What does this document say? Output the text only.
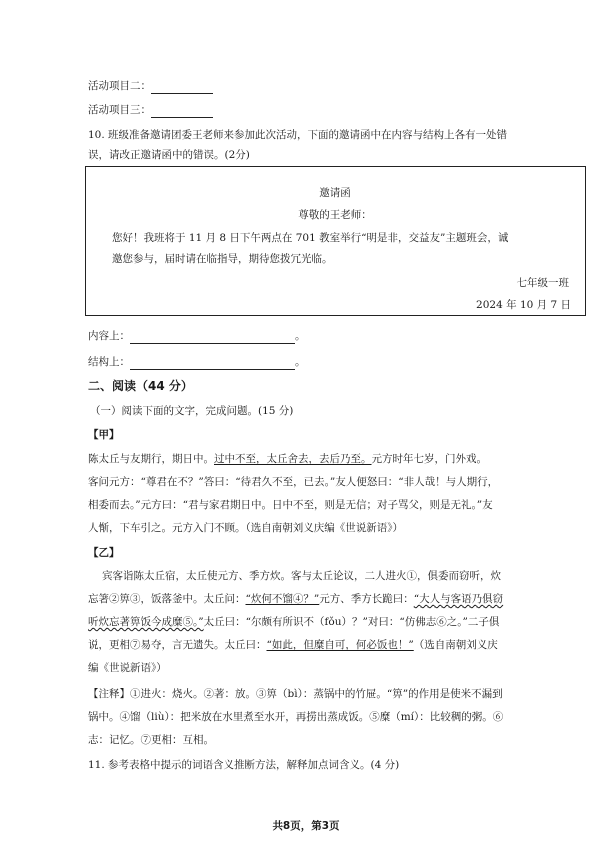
活动项目二：
活动项目三：
10. 班级准备邀请团委王老师来参加此次活动，下面的邀请函中在内容与结构上各有一处错
误，请改正邀请函中的错误。(2分)
邀请函
尊敬的王老师：
您好！我班将于 11 月 8 日下午两点在 701 教室举行“明是非，交益友”主题班会，诚
邀您参与，届时请在临指导，期待您拨冗光临。
七年级一班
2024 年 10 月 7 日
内容上：	。
结构上：	。
二、阅读（44 分）
（一）阅读下面的文字，完成问题。(15 分)
【甲】
陈太丘与友期行，期日中。过中不至，太丘舍去，去后乃至。元方时年七岁，门外戏。
客问元方：“尊君在不？”答曰：“待君久不至，已去。”友人便怒曰：“非人哉！与人期行，
相委而去。”元方曰：“君与家君期日中。日中不至，则是无信；对子骂父，则是无礼。”友
人惭，下车引之。元方入门不顾。（选自南朝刘义庆编《世说新语》）
【乙】
宾客诣陈太丘宿，太丘使元方、季方炊。客与太丘论议，二人进火①，俱委而窃听，炊
忘箸②箅③，饭落釜中。太丘问：“炊何不馏④？”元方、季方长跪曰：“大人与客语乃俱窃
听炊忘著箅饭今成糜⑤。”太丘曰：“尔颇有所识不（fǒu）？”对曰：“仿佛志⑥之。”二子俱
说，更相⑦易夺，言无遗失。太丘曰：“如此，但糜自可，何必饭也！”（选自南朝刘义庆
编《世说新语》）
【注释】①进火：烧火。②著：放。③箅（bì）：蒸锅中的竹屉。“箅”的作用是使米不漏到
锅中。④馏（liù）：把米放在水里煮至水开，再捞出蒸成饭。⑤糜（mí）：比较稠的粥。⑥
志：记忆。⑦更相：互相。
11. 参考表格中提示的词语含义推断方法，解释加点词含义。(4 分)
共8页，第3页
